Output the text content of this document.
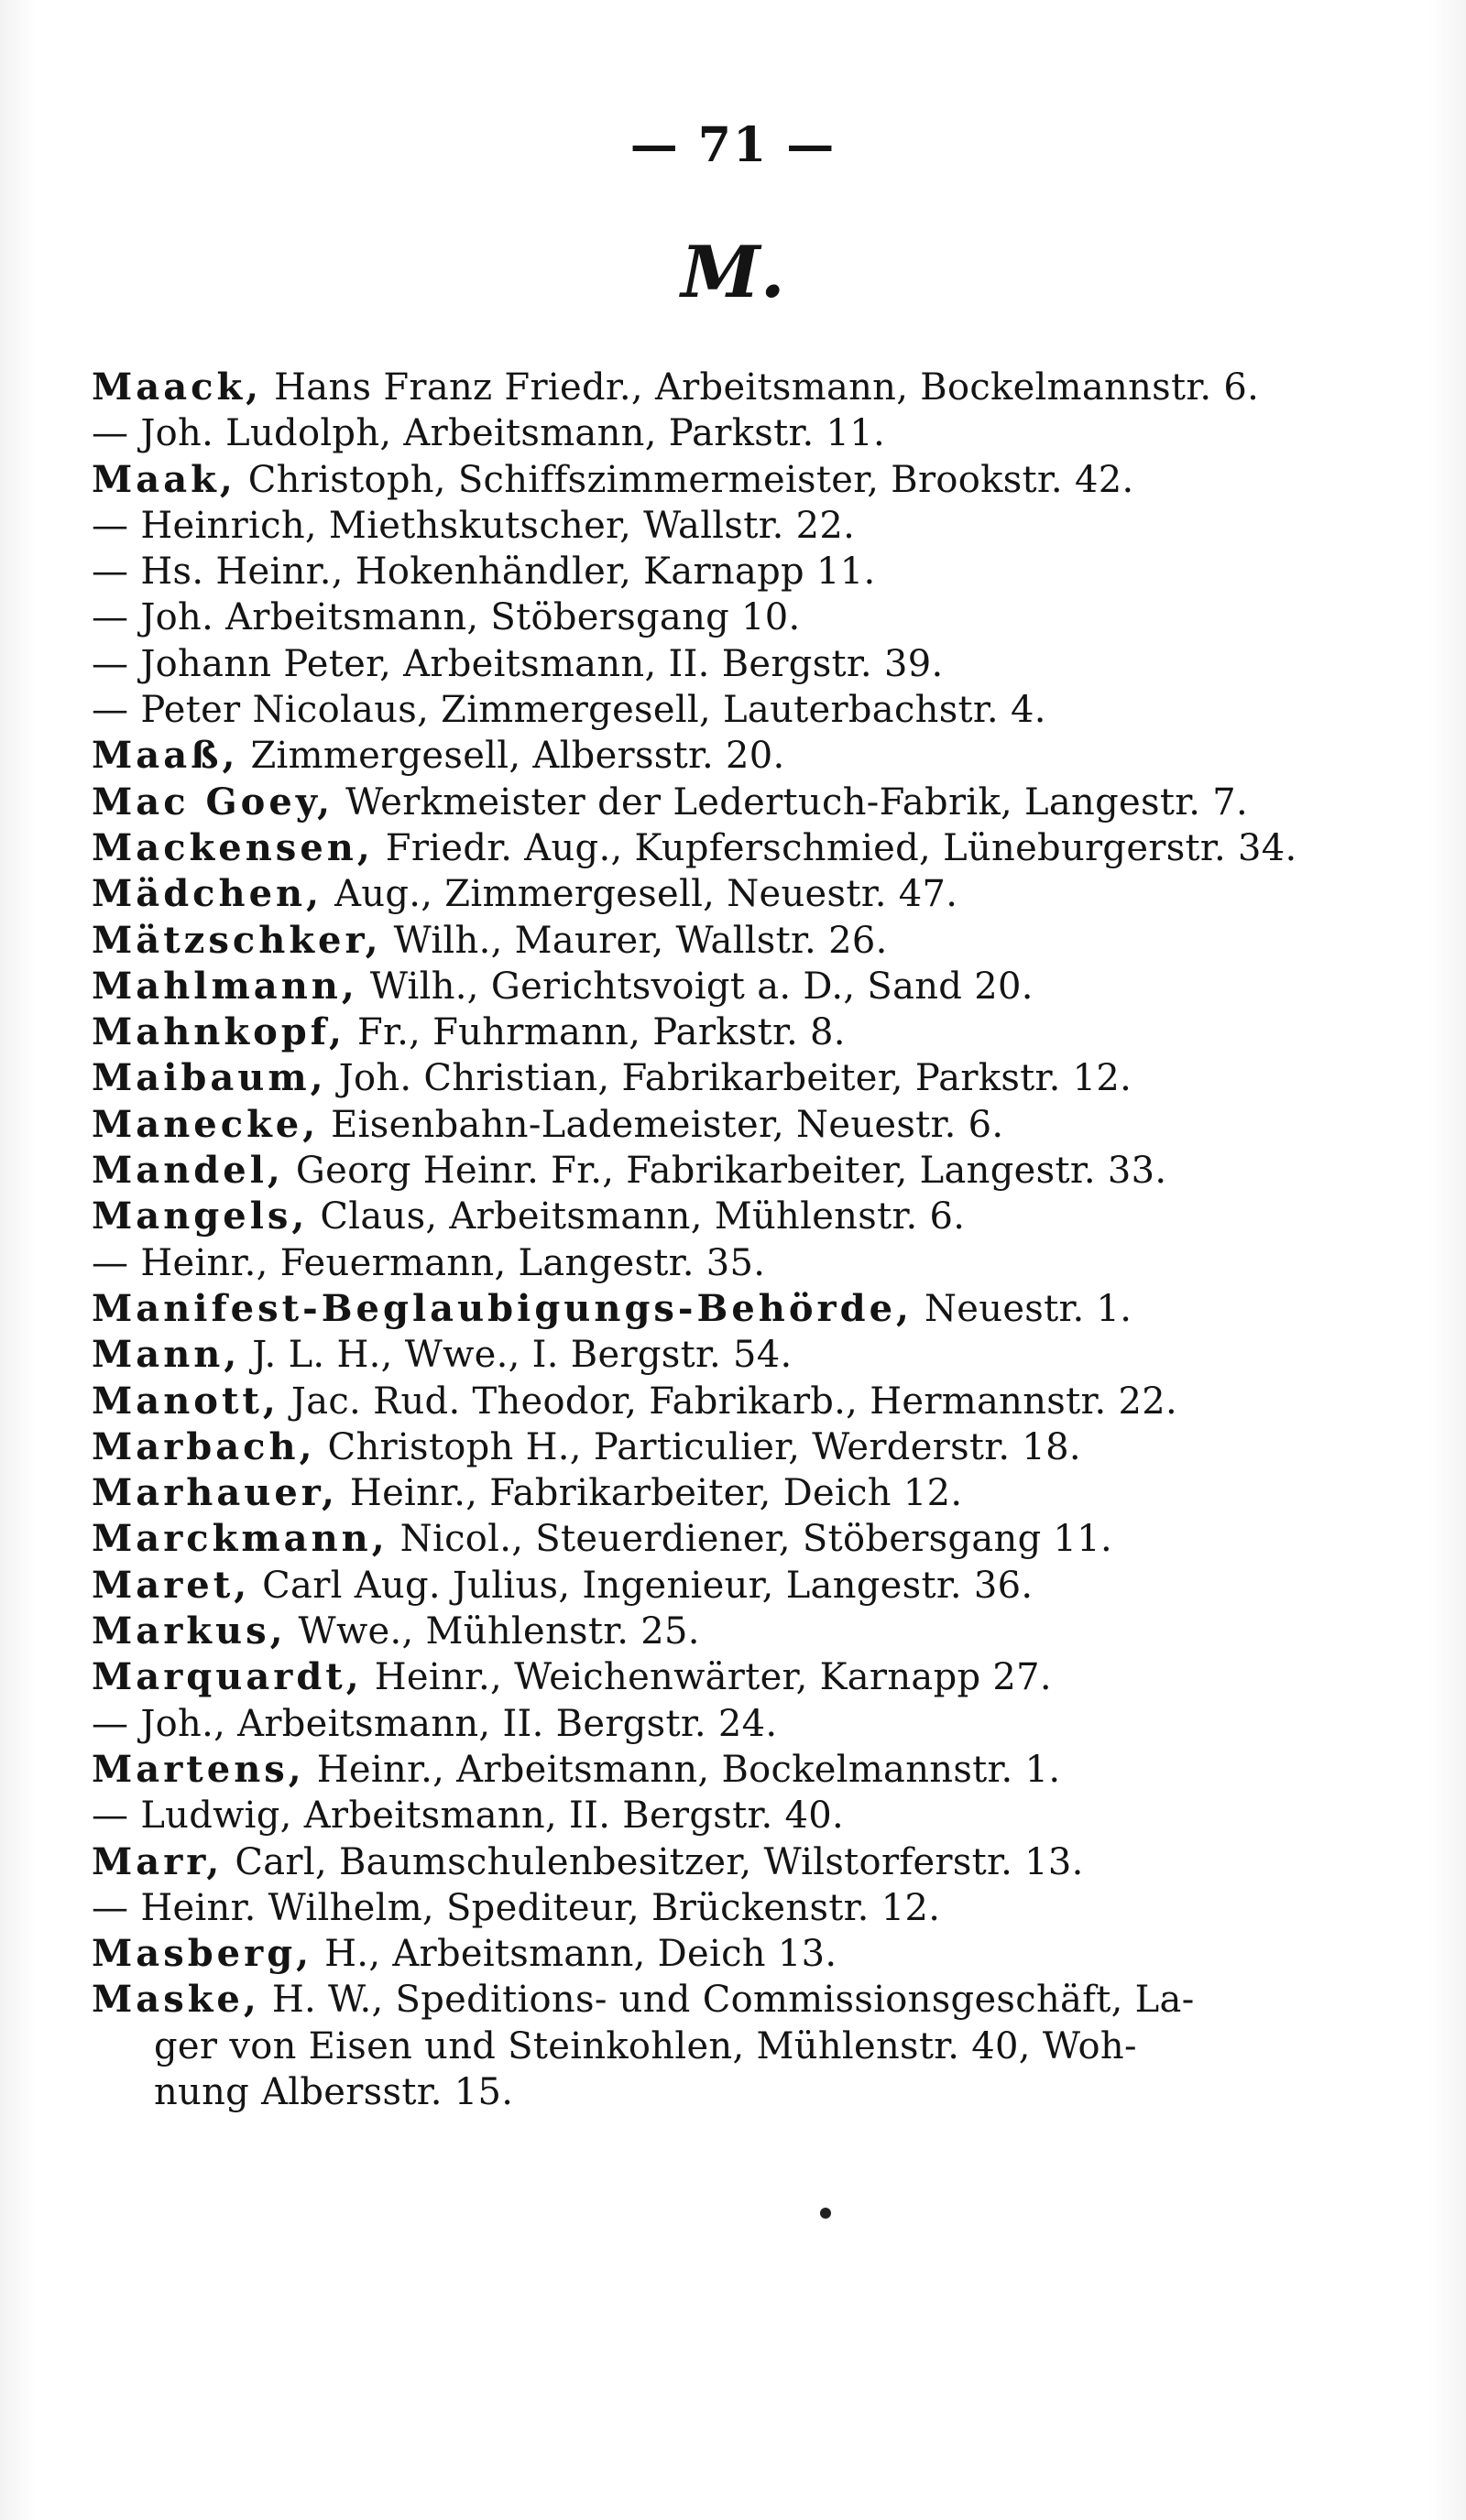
— 71 —
M.
Maack, Hans Franz Friedr., Arbeitsmann, Bockelmannstr. 6.
— Joh. Ludolph, Arbeitsmann, Parkstr. 11.
Maak, Christoph, Schiffszimmermeister, Brookstr. 42.
— Heinrich, Miethskutscher, Wallstr. 22.
— Hs. Heinr., Hokenhändler, Karnapp 11.
— Joh. Arbeitsmann, Stöbersgang 10.
— Johann Peter, Arbeitsmann, II. Bergstr. 39.
— Peter Nicolaus, Zimmergesell, Lauterbachstr. 4.
Maaß, Zimmergesell, Albersstr. 20.
Mac Goey, Werkmeister der Ledertuch-Fabrik, Langestr. 7.
Mackensen, Friedr. Aug., Kupferschmied, Lüneburgerstr. 34.
Mädchen, Aug., Zimmergesell, Neuestr. 47.
Mätzschker, Wilh., Maurer, Wallstr. 26.
Mahlmann, Wilh., Gerichtsvoigt a. D., Sand 20.
Mahnkopf, Fr., Fuhrmann, Parkstr. 8.
Maibaum, Joh. Christian, Fabrikarbeiter, Parkstr. 12.
Manecke, Eisenbahn-Lademeister, Neuestr. 6.
Mandel, Georg Heinr. Fr., Fabrikarbeiter, Langestr. 33.
Mangels, Claus, Arbeitsmann, Mühlenstr. 6.
— Heinr., Feuermann, Langestr. 35.
Manifest-Beglaubigungs-Behörde, Neuestr. 1.
Mann, J. L. H., Wwe., I. Bergstr. 54.
Manott, Jac. Rud. Theodor, Fabrikarb., Hermannstr. 22.
Marbach, Christoph H., Particulier, Werderstr. 18.
Marhauer, Heinr., Fabrikarbeiter, Deich 12.
Marckmann, Nicol., Steuerdiener, Stöbersgang 11.
Maret, Carl Aug. Julius, Ingenieur, Langestr. 36.
Markus, Wwe., Mühlenstr. 25.
Marquardt, Heinr., Weichenwärter, Karnapp 27.
— Joh., Arbeitsmann, II. Bergstr. 24.
Martens, Heinr., Arbeitsmann, Bockelmannstr. 1.
— Ludwig, Arbeitsmann, II. Bergstr. 40.
Marr, Carl, Baumschulenbesitzer, Wilstorferstr. 13.
— Heinr. Wilhelm, Spediteur, Brückenstr. 12.
Masberg, H., Arbeitsmann, Deich 13.
Maske, H. W., Speditions- und Commissionsgeschäft, La-
ger von Eisen und Steinkohlen, Mühlenstr. 40, Woh-
nung Albersstr. 15.
